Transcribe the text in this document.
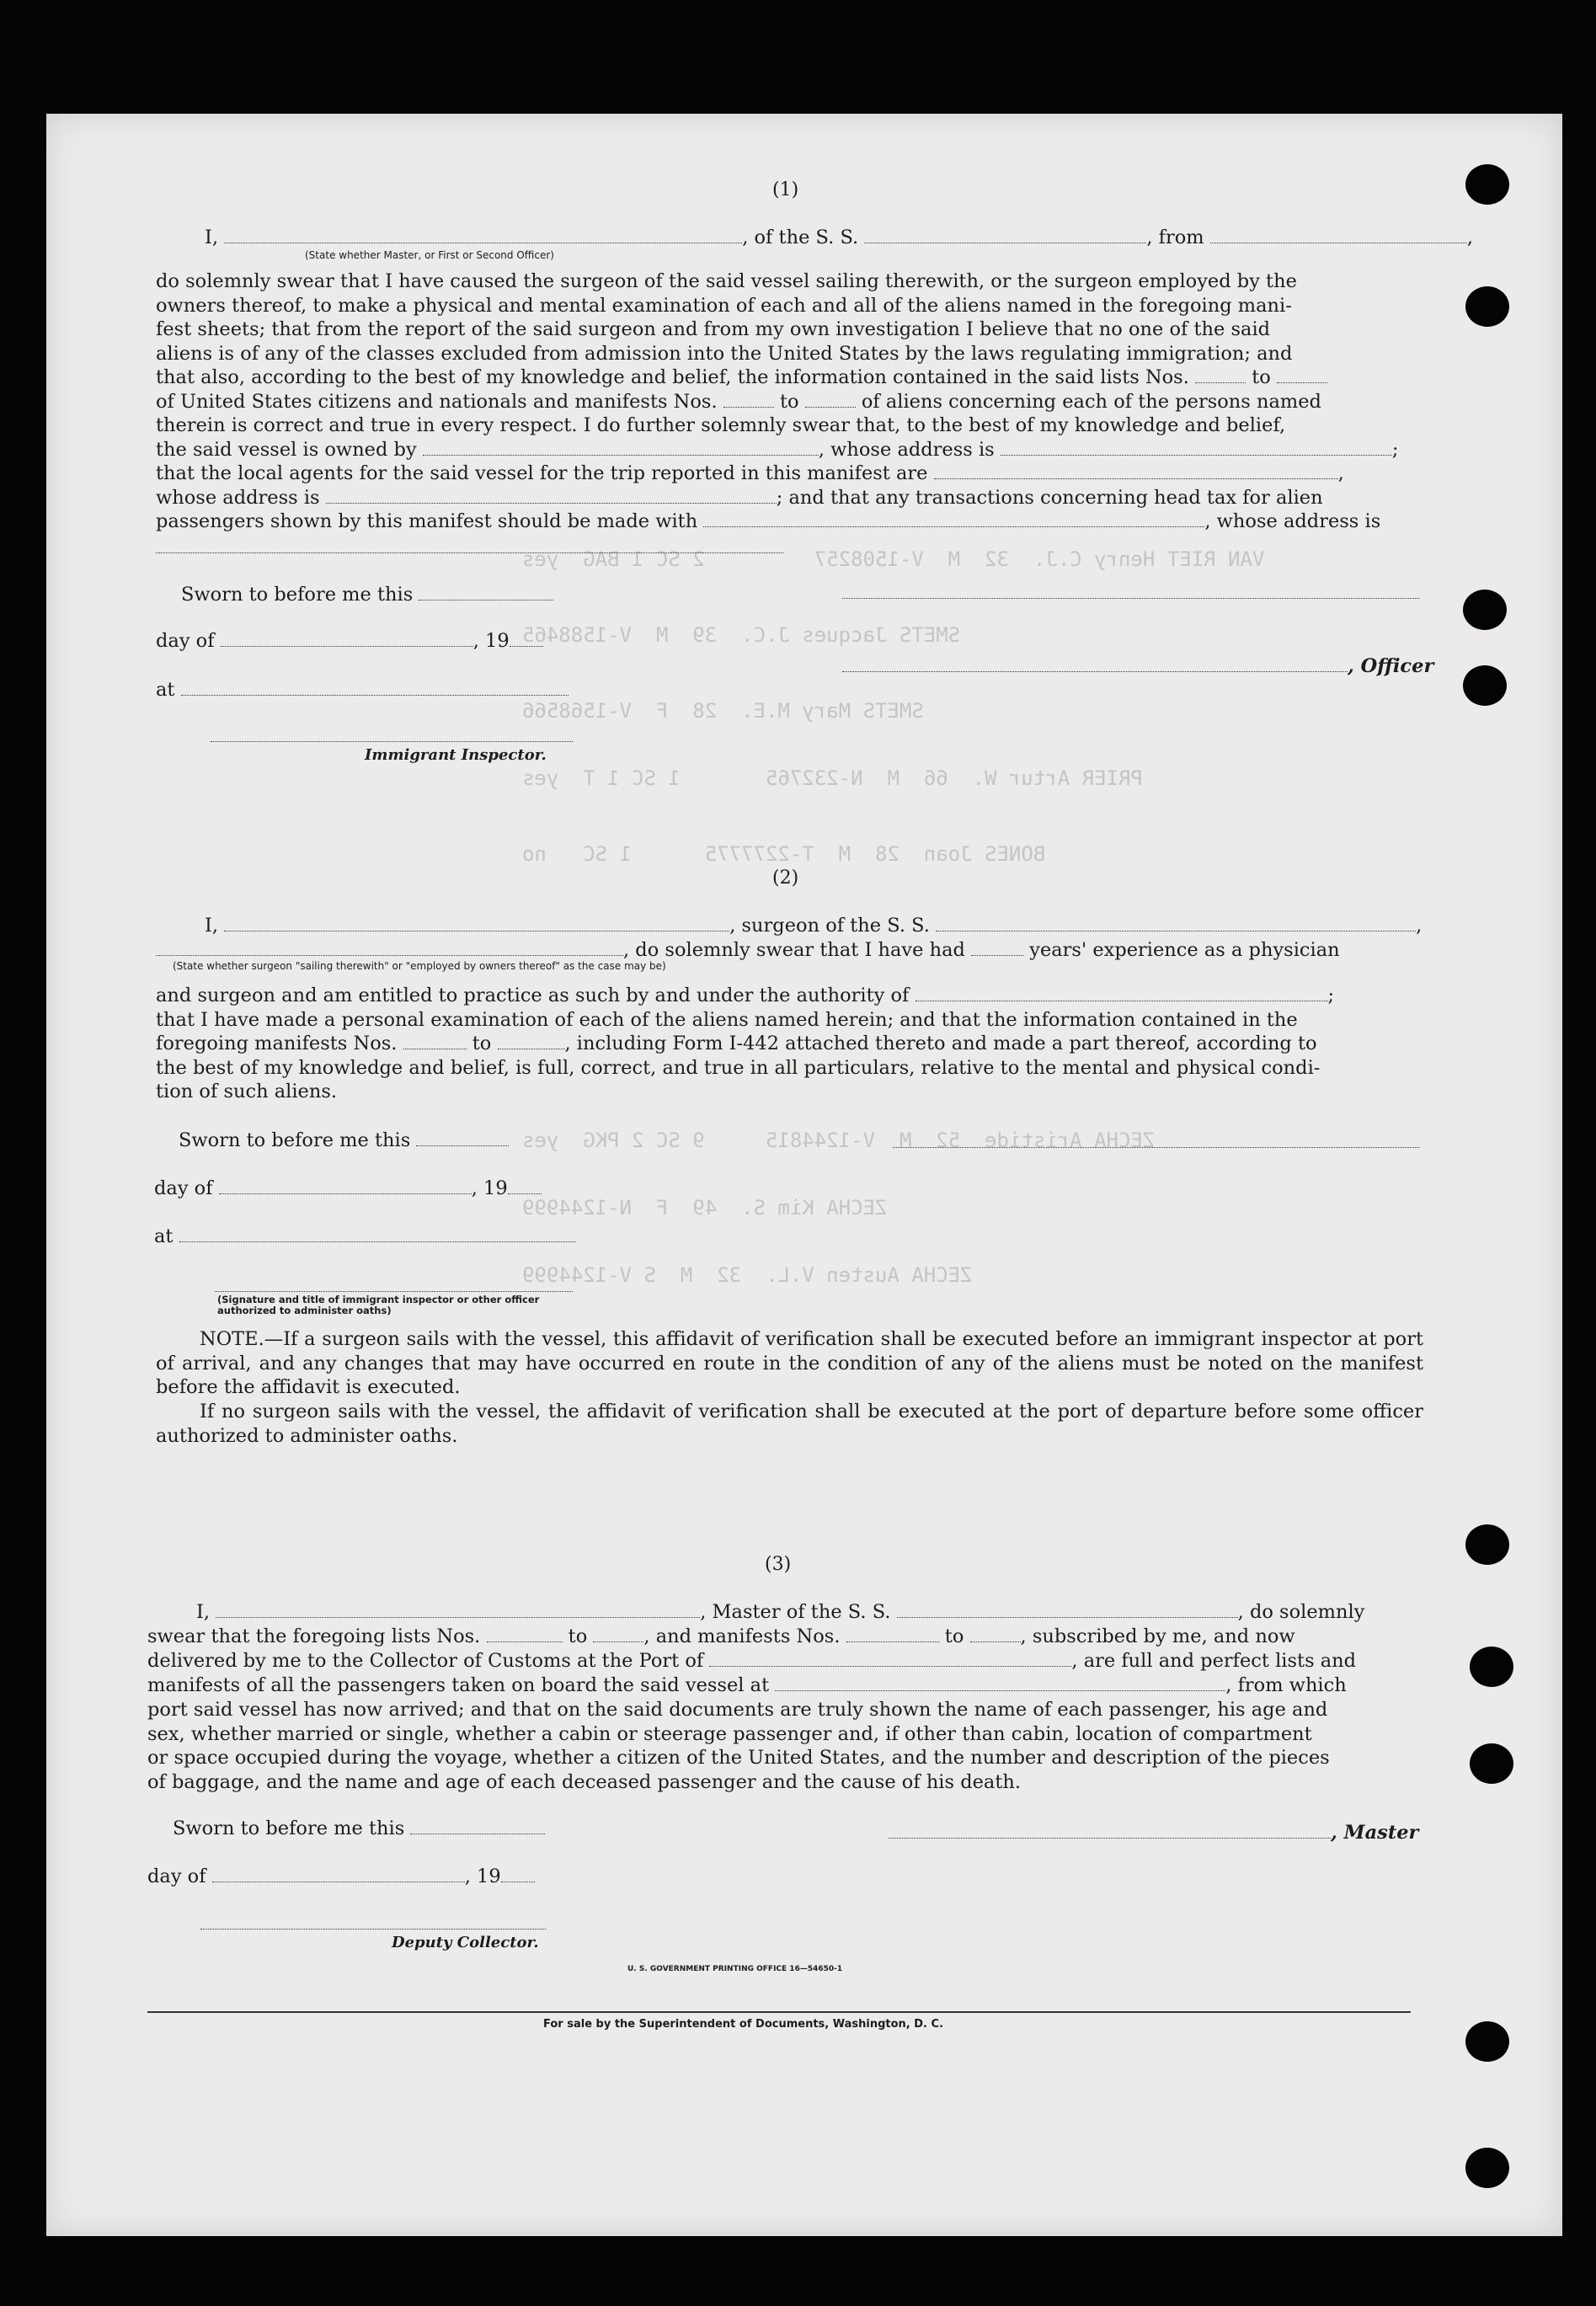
VAN RIET Henry C.J.  32  M  V-1508257         2 SC 1 BAG  yes
SMETS Jacques J.C.  39  M  V-1588465
SMETS Mary M.E.  28  F  V-1568566
PRIER Artur W.  66  M  N-232765       1 SC 1 T  yes
BONES Joan  28  M  T-2277775      1 SC   no
ZECHA Aristide  52  M  V-1244815     9 SC 2 PKG  yes
ZECHA Kim S.  49  F  N-1244999
ZECHA Austen V.L.  32  M  S V-1244999
(1)
I,	, of the S. S.	, from	,
(State whether Master, or First or Second Officer)
do solemnly swear that I have caused the surgeon of the said vessel sailing therewith, or the surgeon employed by the
owners thereof, to make a physical and mental examination of each and all of the aliens named in the foregoing mani-
fest sheets; that from the report of the said surgeon and from my own investigation I believe that no one of the said
aliens is of any of the classes excluded from admission into the United States by the laws regulating immigration; and
that also, according to the best of my knowledge and belief, the information contained in the said lists Nos.	to
of United States citizens and nationals and manifests Nos.	to	of aliens concerning each of the persons named
therein is correct and true in every respect. I do further solemnly swear that, to the best of my knowledge and belief,
the said vessel is owned by	, whose address is	;
that the local agents for the said vessel for the trip reported in this manifest are	,
whose address is	; and that any transactions concerning head tax for alien
passengers shown by this manifest should be made with	, whose address is
Sworn to before me this
day of	, 19
, Officer
at
Immigrant Inspector.
(2)
I,	, surgeon of the S. S.	,
, do solemnly swear that I have had	years' experience as a physician
(State whether surgeon "sailing therewith" or "employed by owners thereof" as the case may be)
and surgeon and am entitled to practice as such by and under the authority of	;
that I have made a personal examination of each of the aliens named herein; and that the information contained in the
foregoing manifests Nos.	to	, including Form I-442 attached thereto and made a part thereof, according to
the best of my knowledge and belief, is full, correct, and true in all particulars, relative to the mental and physical condi-
tion of such aliens.
Sworn to before me this
day of	, 19
at
(Signature and title of immigrant inspector or other officer authorized to administer oaths)
NOTE.—If a surgeon sails with the vessel, this affidavit of verification shall be executed before an immigrant inspector at port of arrival, and any changes that may have occurred en route in the condition of any of the aliens must be noted on the manifest before the affidavit is executed.
If no surgeon sails with the vessel, the affidavit of verification shall be executed at the port of departure before some officer authorized to administer oaths.
(3)
I,	, Master of the S. S.	, do solemnly
swear that the foregoing lists Nos.	to	, and manifests Nos.	to	, subscribed by me, and now
delivered by me to the Collector of Customs at the Port of	, are full and perfect lists and
manifests of all the passengers taken on board the said vessel at	, from which
port said vessel has now arrived; and that on the said documents are truly shown the name of each passenger, his age and
sex, whether married or single, whether a cabin or steerage passenger and, if other than cabin, location of compartment
or space occupied during the voyage, whether a citizen of the United States, and the number and description of the pieces
of baggage, and the name and age of each deceased passenger and the cause of his death.
Sworn to before me this	, Master
day of	, 19
Deputy Collector.
U. S. GOVERNMENT PRINTING OFFICE 16—54650-1
For sale by the Superintendent of Documents, Washington, D. C.
